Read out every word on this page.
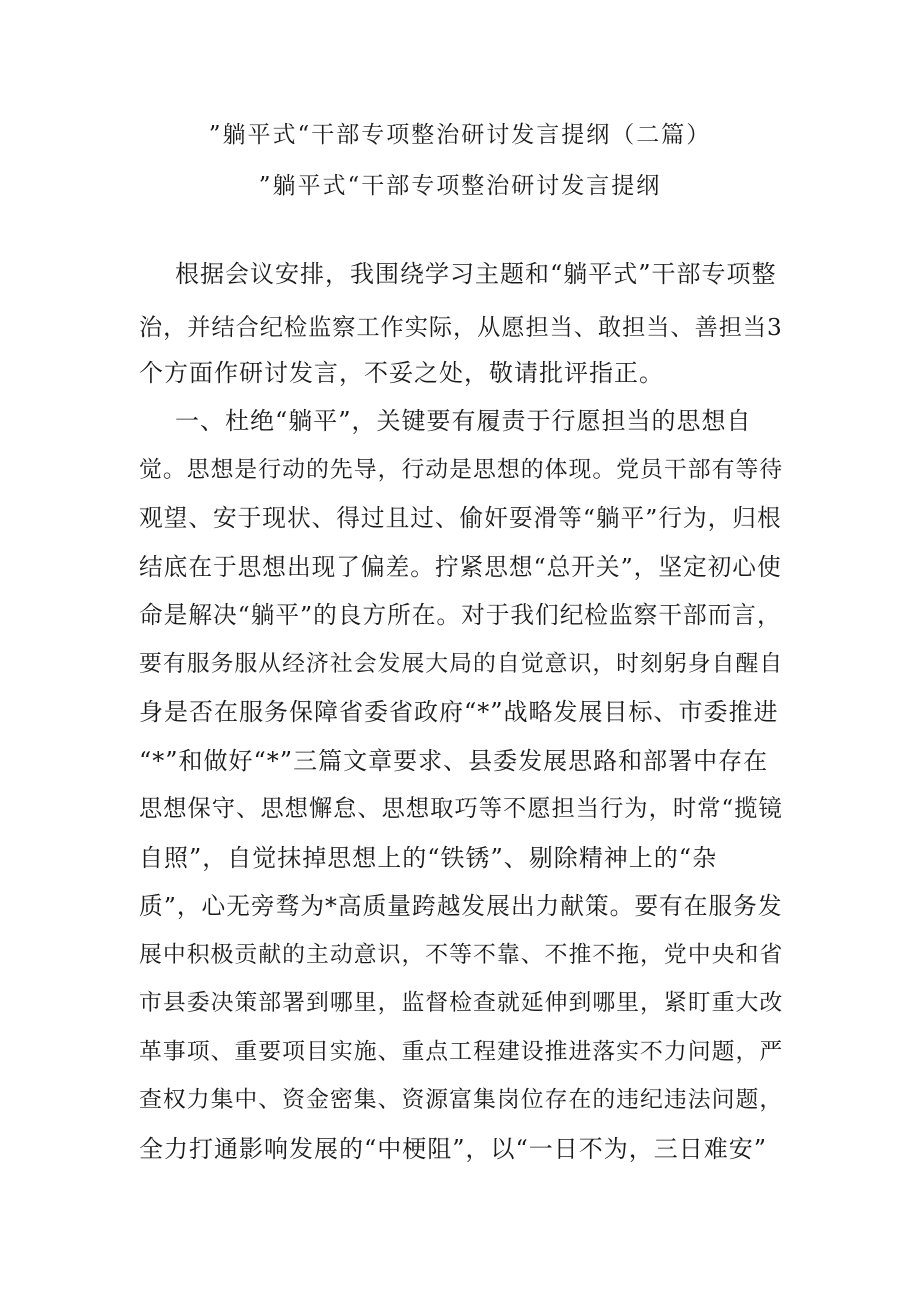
”躺平式“干部专项整治研讨发言提纲（二篇）
”躺平式“干部专项整治研讨发言提纲
根据会议安排，我围绕学习主题和“躺平式”干部专项整
治，并结合纪检监察工作实际，从愿担当、敢担当、善担当3
个方面作研讨发言，不妥之处，敬请批评指正。
一、杜绝“躺平”，关键要有履责于行愿担当的思想自
觉。思想是行动的先导，行动是思想的体现。党员干部有等待
观望、安于现状、得过且过、偷奸耍滑等“躺平”行为，归根
结底在于思想出现了偏差。拧紧思想“总开关”，坚定初心使
命是解决“躺平”的良方所在。对于我们纪检监察干部而言，
要有服务服从经济社会发展大局的自觉意识，时刻躬身自醒自
身是否在服务保障省委省政府“*”战略发展目标、市委推进
“*”和做好“*”三篇文章要求、县委发展思路和部署中存在
思想保守、思想懈怠、思想取巧等不愿担当行为，时常“揽镜
自照”，自觉抹掉思想上的“铁锈”、剔除精神上的“杂
质”，心无旁骛为*高质量跨越发展出力献策。要有在服务发
展中积极贡献的主动意识，不等不靠、不推不拖，党中央和省
市县委决策部署到哪里，监督检查就延伸到哪里，紧盯重大改
革事项、重要项目实施、重点工程建设推进落实不力问题，严
查权力集中、资金密集、资源富集岗位存在的违纪违法问题，
全力打通影响发展的“中梗阻”，以“一日不为，三日难安”
